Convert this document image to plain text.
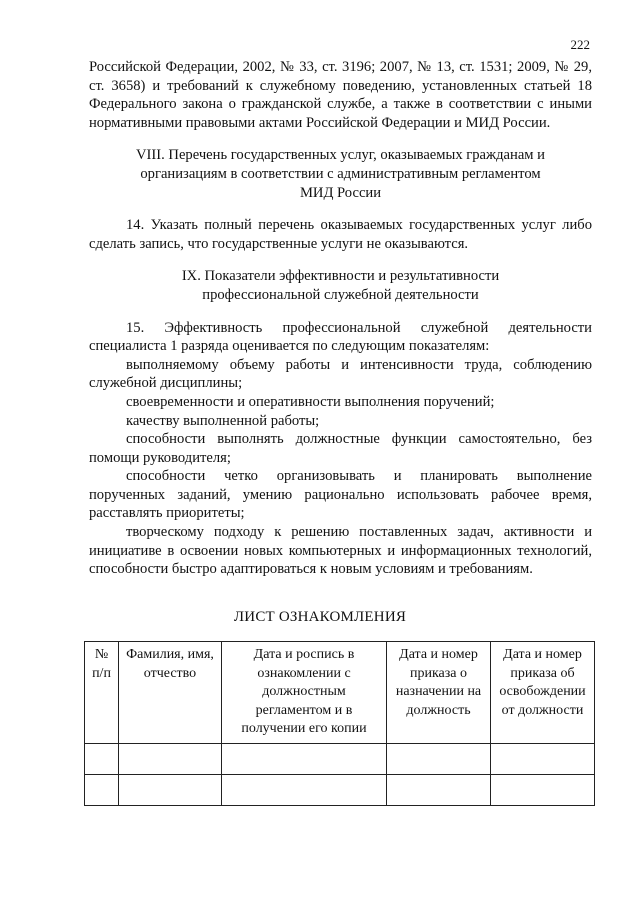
222

Российской Федерации, 2002, № 33, ст. 3196; 2007, № 13, ст. 1531; 2009, № 29, ст. 3658) и требований к служебному поведению, установленных статьей 18 Федерального закона о гражданской службе, а также в соответствии с иными нормативными правовыми актами Российской Федерации и МИД России.

VIII. Перечень государственных услуг, оказываемых гражданам и организациям в соответствии с административным регламентом МИД России

14. Указать полный перечень оказываемых государственных услуг либо сделать запись, что государственные услуги не оказываются.

IX. Показатели эффективности и результативности профессиональной служебной деятельности

15. Эффективность профессиональной служебной деятельности специалиста 1 разряда оценивается по следующим показателям:

выполняемому объему работы и интенсивности труда, соблюдению служебной дисциплины;

своевременности и оперативности выполнения поручений;

качеству выполненной работы;

способности выполнять должностные функции самостоятельно, без помощи руководителя;

способности четко организовывать и планировать выполнение порученных заданий, умению рационально использовать рабочее время, расставлять приоритеты;

творческому подходу к решению поставленных задач, активности и инициативе в освоении новых компьютерных и информационных технологий, способности быстро адаптироваться к новым условиям и требованиям.

ЛИСТ ОЗНАКОМЛЕНИЯ
№ п/п	Фамилия, имя, отчество	Дата и роспись в ознакомлении с должностным регламентом и в получении его копии	Дата и номер приказа о назначении на должность	Дата и номер приказа об освобождении от должности
